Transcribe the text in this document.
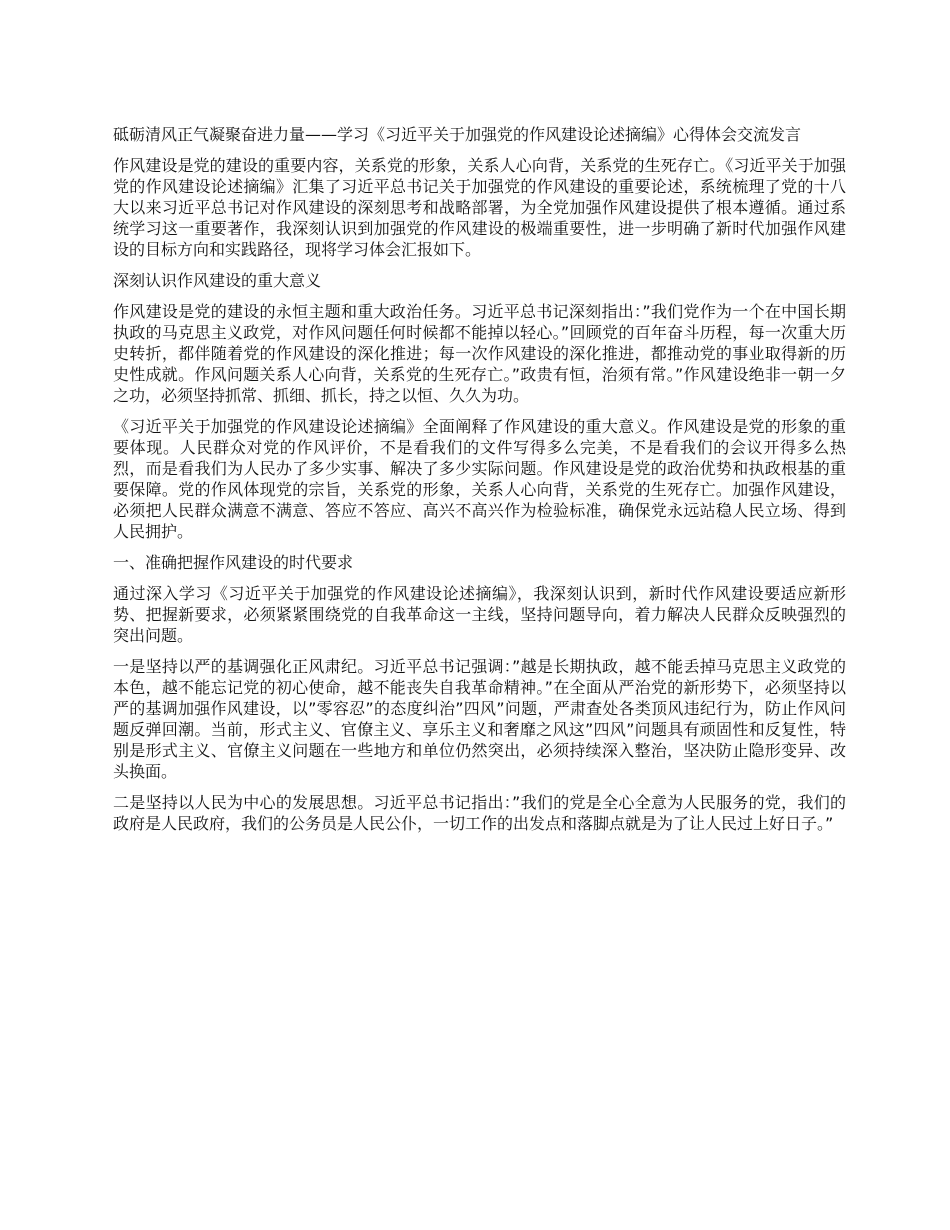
砥砺清风正气凝聚奋进力量——学习《习近平关于加强党的作风建设论述摘编》心得体会交流发言

作风建设是党的建设的重要内容，关系党的形象，关系人心向背，关系党的生死存亡。《习近平关于加强党的作风建设论述摘编》汇集了习近平总书记关于加强党的作风建设的重要论述，系统梳理了党的十八大以来习近平总书记对作风建设的深刻思考和战略部署，为全党加强作风建设提供了根本遵循。通过系统学习这一重要著作，我深刻认识到加强党的作风建设的极端重要性，进一步明确了新时代加强作风建设的目标方向和实践路径，现将学习体会汇报如下。

深刻认识作风建设的重大意义

作风建设是党的建设的永恒主题和重大政治任务。习近平总书记深刻指出：”我们党作为一个在中国长期执政的马克思主义政党，对作风问题任何时候都不能掉以轻心。”回顾党的百年奋斗历程，每一次重大历史转折，都伴随着党的作风建设的深化推进；每一次作风建设的深化推进，都推动党的事业取得新的历史性成就。作风问题关系人心向背，关系党的生死存亡。”政贵有恒，治须有常。”作风建设绝非一朝一夕之功，必须坚持抓常、抓细、抓长，持之以恒、久久为功。

《习近平关于加强党的作风建设论述摘编》全面阐释了作风建设的重大意义。作风建设是党的形象的重要体现。人民群众对党的作风评价，不是看我们的文件写得多么完美，不是看我们的会议开得多么热烈，而是看我们为人民办了多少实事、解决了多少实际问题。作风建设是党的政治优势和执政根基的重要保障。党的作风体现党的宗旨，关系党的形象，关系人心向背，关系党的生死存亡。加强作风建设，必须把人民群众满意不满意、答应不答应、高兴不高兴作为检验标准，确保党永远站稳人民立场、得到人民拥护。

一、准确把握作风建设的时代要求

通过深入学习《习近平关于加强党的作风建设论述摘编》，我深刻认识到，新时代作风建设要适应新形势、把握新要求，必须紧紧围绕党的自我革命这一主线，坚持问题导向，着力解决人民群众反映强烈的突出问题。

一是坚持以严的基调强化正风肃纪。习近平总书记强调：”越是长期执政，越不能丢掉马克思主义政党的本色，越不能忘记党的初心使命，越不能丧失自我革命精神。”在全面从严治党的新形势下，必须坚持以严的基调加强作风建设，以”零容忍”的态度纠治”四风”问题，严肃查处各类顶风违纪行为，防止作风问题反弹回潮。当前，形式主义、官僚主义、享乐主义和奢靡之风这”四风”问题具有顽固性和反复性，特别是形式主义、官僚主义问题在一些地方和单位仍然突出，必须持续深入整治，坚决防止隐形变异、改头换面。

二是坚持以人民为中心的发展思想。习近平总书记指出：”我们的党是全心全意为人民服务的党，我们的政府是人民政府，我们的公务员是人民公仆，一切工作的出发点和落脚点就是为了让人民过上好日子。”
